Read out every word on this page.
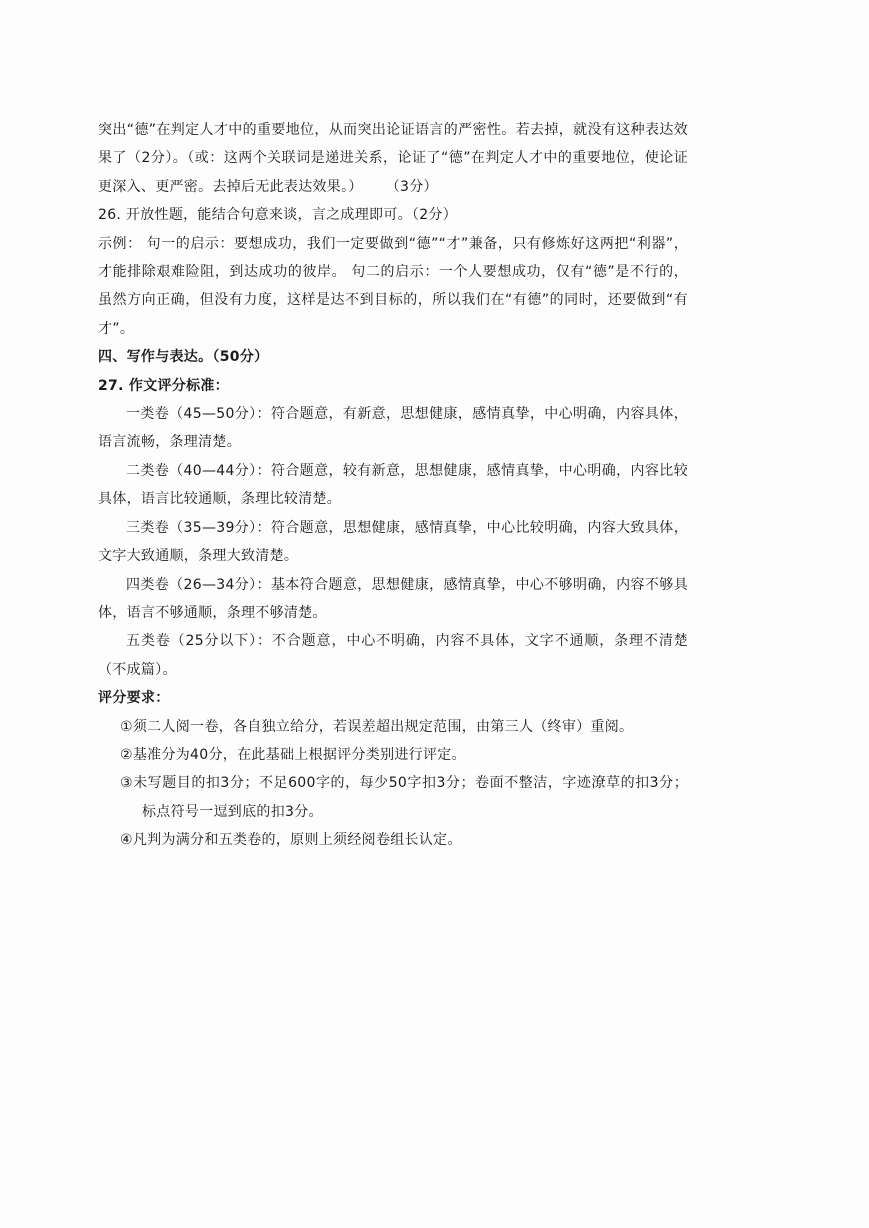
突出“德”在判定人才中的重要地位，从而突出论证语言的严密性。若去掉，就没有这种表达效果了（2分）。（或：这两个关联词是递进关系，论证了“德”在判定人才中的重要地位，使论证更深入、更严密。去掉后无此表达效果。） （3分）

26. 开放性题，能结合句意来谈，言之成理即可。（2分）

示例： 句一的启示：要想成功，我们一定要做到“德”“才”兼备，只有修炼好这两把“利器”，才能排除艰难险阻，到达成功的彼岸。 句二的启示：一个人要想成功，仅有“德”是不行的，虽然方向正确，但没有力度，这样是达不到目标的，所以我们在“有德”的同时，还要做到“有才”。

四、写作与表达。（50分）

27. 作文评分标准：

一类卷（45—50分）：符合题意，有新意，思想健康，感情真挚，中心明确，内容具体，语言流畅，条理清楚。

二类卷（40—44分）：符合题意，较有新意，思想健康，感情真挚，中心明确，内容比较具体，语言比较通顺，条理比较清楚。

三类卷（35—39分）：符合题意，思想健康，感情真挚，中心比较明确，内容大致具体，文字大致通顺，条理大致清楚。

四类卷（26—34分）：基本符合题意，思想健康，感情真挚，中心不够明确，内容不够具体，语言不够通顺，条理不够清楚。

五类卷（25分以下）：不合题意，中心不明确，内容不具体，文字不通顺，条理不清楚（不成篇）。

评分要求：

①须二人阅一卷，各自独立给分，若误差超出规定范围，由第三人（终审）重阅。

②基准分为40分，在此基础上根据评分类别进行评定。

③未写题目的扣3分；不足600字的，每少50字扣3分；卷面不整洁，字迹潦草的扣3分；标点符号一逗到底的扣3分。

④凡判为满分和五类卷的，原则上须经阅卷组长认定。
